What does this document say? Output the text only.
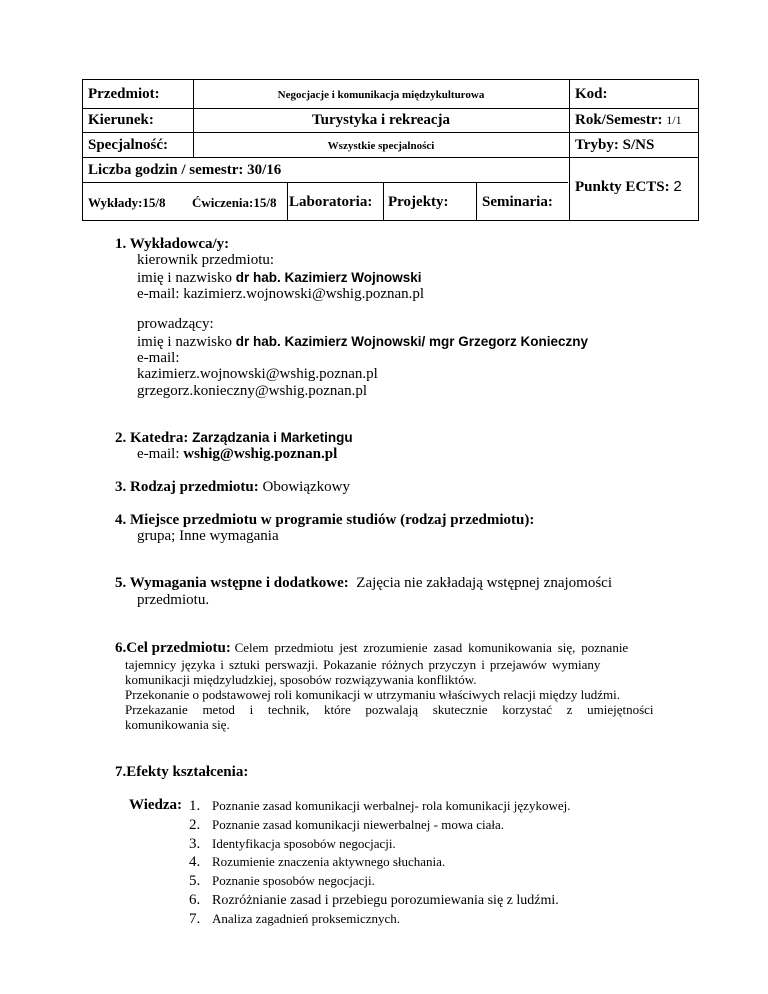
Przedmiot:	Negocjacje i komunikacja międzykulturowa	Kod:
Kierunek:	Turystyka i rekreacja	Rok/Semestr: 1/1
Specjalność:	Wszystkie specjalności	Tryby: S/NS
Liczba godzin / semestr: 30/16
Wykłady:15/8 Ćwiczenia:15/8 Laboratoria: Projekty: Seminaria:
Punkty ECTS: 2
1. Wykładowca/y:
kierownik przedmiotu:
imię i nazwisko dr hab. Kazimierz Wojnowski
e-mail: kazimierz.wojnowski@wshig.poznan.pl
prowadzący:
imię i nazwisko dr hab. Kazimierz Wojnowski/ mgr Grzegorz Konieczny
e-mail:
kazimierz.wojnowski@wshig.poznan.pl
grzegorz.konieczny@wshig.poznan.pl
2. Katedra: Zarządzania i Marketingu
e-mail: wshig@wshig.poznan.pl
3. Rodzaj przedmiotu: Obowiązkowy
4. Miejsce przedmiotu w programie studiów (rodzaj przedmiotu):
grupa; Inne wymagania
5. Wymagania wstępne i dodatkowe: Zajęcia nie zakładają wstępnej znajomości
przedmiotu.
6.Cel przedmiotu: Celem przedmiotu jest zrozumienie zasad komunikowania się, poznanie
tajemnicy języka i sztuki perswazji. Pokazanie różnych przyczyn i przejawów wymiany
komunikacji międzyludzkiej, sposobów rozwiązywania konfliktów.
Przekonanie o podstawowej roli komunikacji w utrzymaniu właściwych relacji między ludźmi.
Przekazanie metod i technik, które pozwalają skutecznie korzystać z umiejętności
komunikowania się.
7.Efekty kształcenia:
Wiedza: 1. Poznanie zasad komunikacji werbalnej- rola komunikacji językowej.
2. Poznanie zasad komunikacji niewerbalnej - mowa ciała.
3. Identyfikacja sposobów negocjacji.
4. Rozumienie znaczenia aktywnego słuchania.
5. Poznanie sposobów negocjacji.
6. Rozróżnianie zasad i przebiegu porozumiewania się z ludźmi.
7. Analiza zagadnień proksemicznych.
